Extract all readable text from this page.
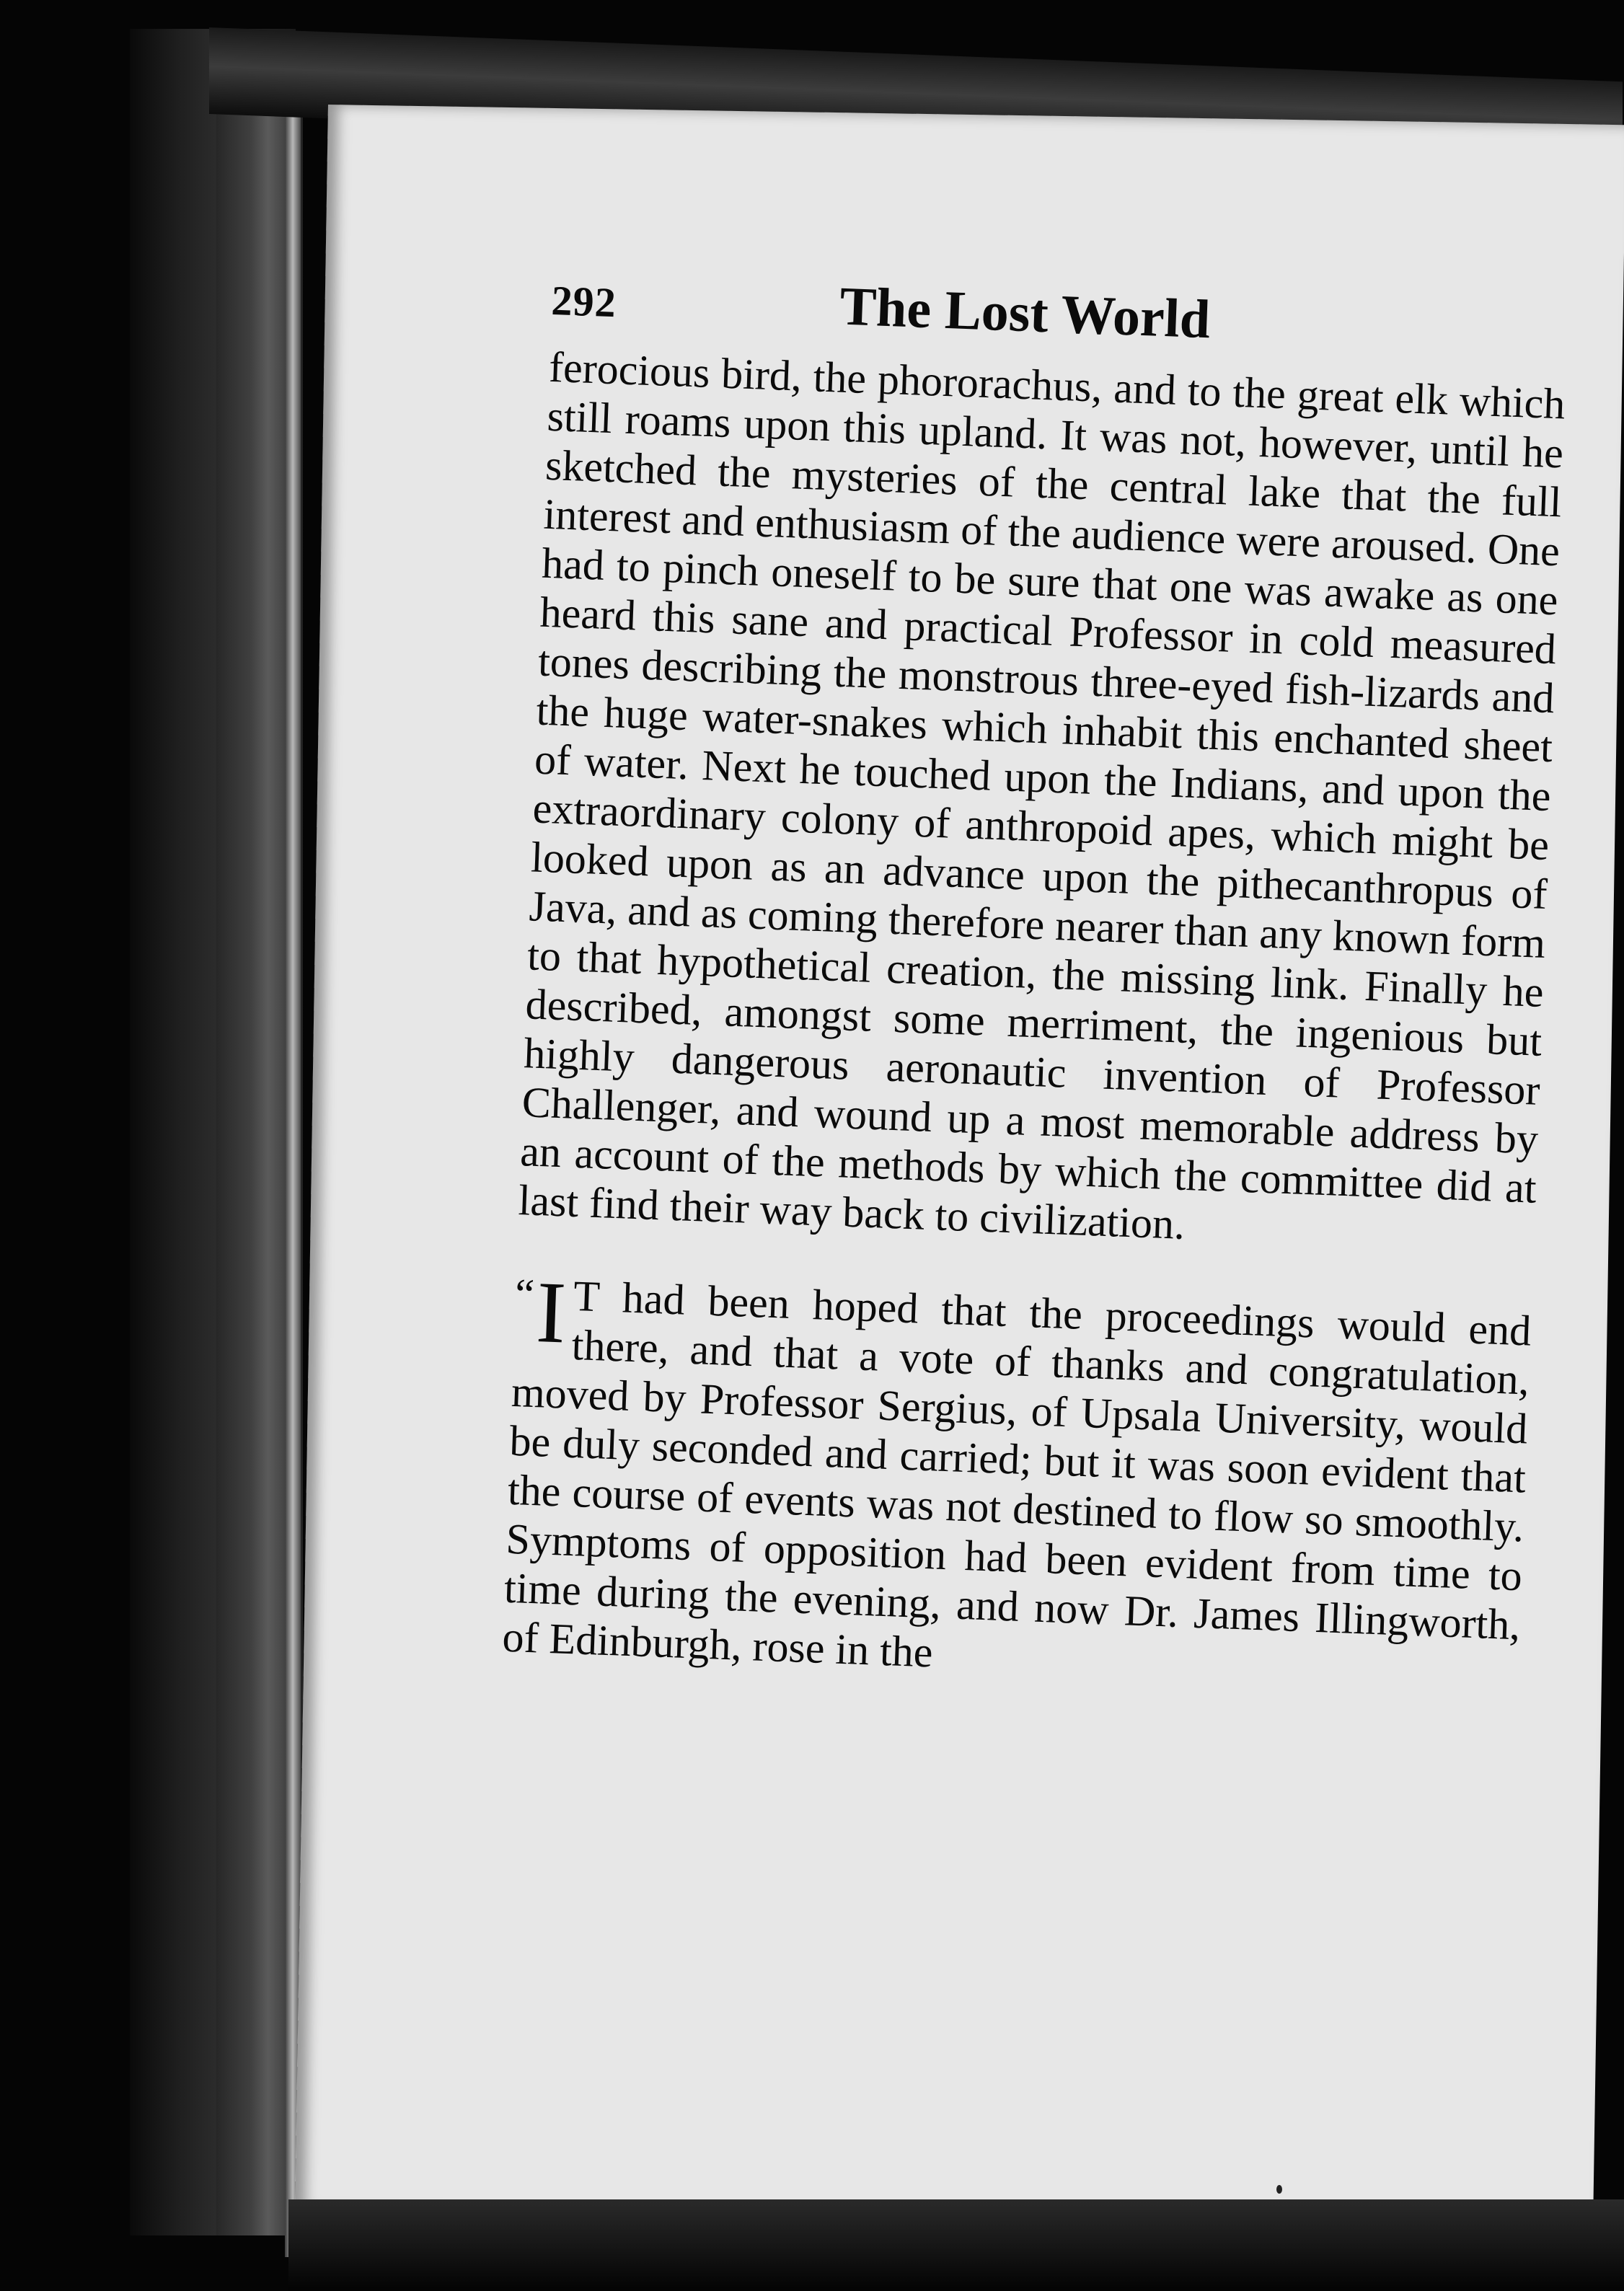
292	The Lost World

ferocious bird, the phororachus, and to the great elk which still roams upon this upland. It was not, however, until he sketched the mysteries of the central lake that the full interest and enthusiasm of the audience were aroused. One had to pinch oneself to be sure that one was awake as one heard this sane and practical Professor in cold measured tones describing the monstrous three-eyed fish-lizards and the huge water-snakes which inhabit this enchanted sheet of water. Next he touched upon the Indians, and upon the extraordinary colony of anthropoid apes, which might be looked upon as an advance upon the pithecanthropus of Java, and as coming therefore nearer than any known form to that hypothetical creation, the missing link. Finally he described, amongst some merriment, the ingenious but highly dangerous aeronautic invention of Professor Challenger, and wound up a most memorable address by an account of the methods by which the committee did at last find their way back to civilization.

“ I T had been hoped that the proceedings would end there, and that a vote of thanks and congratulation, moved by Professor Sergius, of Upsala University, would be duly seconded and carried; but it was soon evident that the course of events was not destined to flow so smoothly. Symptoms of opposition had been evident from time to time during the evening, and now Dr. James Illingworth, of Edinburgh, rose in the
